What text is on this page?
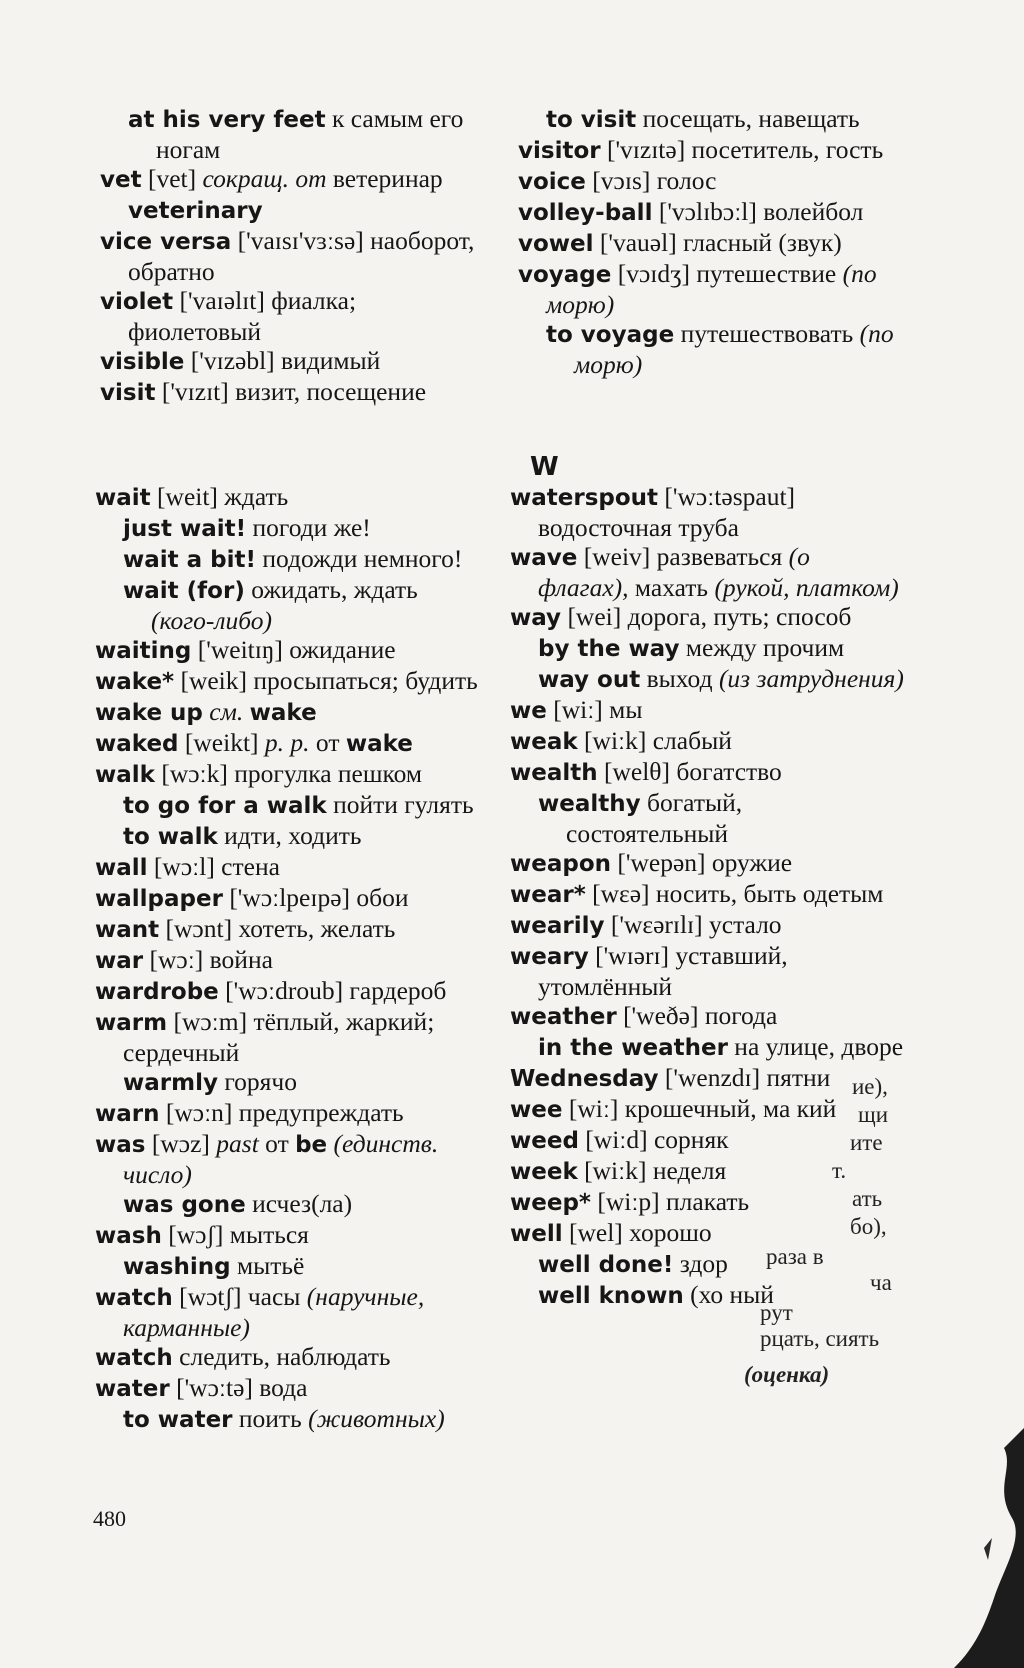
at his very feet к самым его ногам

vet [vet] сокращ. от ветеринар veterinary

vice versa ['vaɪsɪ'vɜːsə] наоборот, обратно

violet ['vaɪəlɪt] фиалка; фиолетовый

visible ['vɪzəbl] видимый

visit ['vɪzɪt] визит, посещение

to visit посещать, навещать

visitor ['vɪzɪtə] посетитель, гость

voice [vɔɪs] голос

volley-ball ['vɔlɪbɔːl] волейбол

vowel ['vauəl] гласный (звук)

voyage [vɔɪdʒ] путешествие (по морю)

to voyage путешествовать (по морю)

W

wait [weit] ждать

just wait! погоди же!

wait a bit! подожди немного!

wait (for) ожидать, ждать (кого-либо)

waiting ['weitɪŋ] ожидание

wake* [weik] просыпаться; будить

wake up см. wake

waked [weikt] p. p. от wake

walk [wɔːk] прогулка пешком

to go for a walk пойти гулять

to walk идти, ходить

wall [wɔːl] стена

wallpaper ['wɔːlpeɪpə] обои

want [wɔnt] хотеть, желать

war [wɔː] война

wardrobe ['wɔːdroub] гардероб

warm [wɔːm] тёплый, жаркий; сердечный

warmly горячо

warn [wɔːn] предупреждать

was [wɔz] past от be (единств. число)

was gone исчез(ла)

wash [wɔʃ] мыться

washing мытьё

watch [wɔtʃ] часы (наручные, карманные)

watch следить, наблюдать

water ['wɔːtə] вода

to water поить (животных)

waterspout ['wɔːtəspaut] водосточная труба

wave [weiv] развеваться (о флагах), махать (рукой, платком)

way [wei] дорога, путь; способ

by the way между прочим

way out выход (из затруднения)

we [wiː] мы

weak [wiːk] слабый

wealth [welθ] богатство

wealthy богатый, состоятельный

weapon ['wepən] оружие

wear* [wɛə] носить, быть одетым

wearily ['wɛərɪlɪ] устало

weary ['wɪərɪ] уставший, утомлённый

weather ['weðə] погода

in the weather на улице, дворе

Wednesday ['wenzdɪ] пятни

wee [wiː] крошечный, ма кий

weed [wiːd] сорняк

week [wiːk] неделя

weep* [wiːp] плакать

well [wel] хорошо

well done! здор

well known (хо ный

ие),
щи
ите
т.
ать
бо),
раза в
ча
рут
рцать, сиять
(оценка)
480
